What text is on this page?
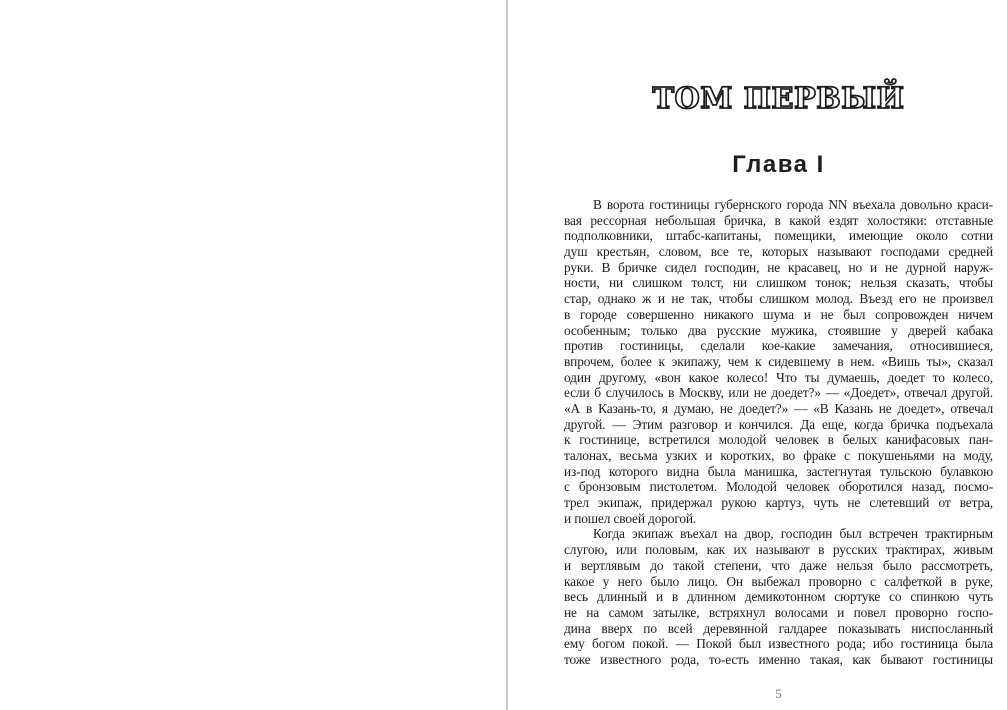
ТОМ ПЕРВЫЙ
Глава I
В ворота гостиницы губернского города NN въехала довольно краси-
вая рессорная небольшая бричка, в какой ездят холостяки: отставные
подполковники, штабс-капитаны, помещики, имеющие около сотни
душ крестьян, словом, все те, которых называют господами средней
руки. В бричке сидел господин, не красавец, но и не дурной наруж-
ности, ни слишком толст, ни слишком тонок; нельзя сказать, чтобы
стар, однако ж и не так, чтобы слишком молод. Въезд его не произвел
в городе совершенно никакого шума и не был сопровожден ничем
особенным; только два русские мужика, стоявшие у дверей кабака
против гостиницы, сделали кое-какие замечания, относившиеся,
впрочем, более к экипажу, чем к сидевшему в нем. «Вишь ты», сказал
один другому, «вон какое колесо! Что ты думаешь, доедет то колесо,
если б случилось в Москву, или не доедет?» — «Доедет», отвечал другой.
«А в Казань-то, я думаю, не доедет?» — «В Казань не доедет», отвечал
другой. — Этим разговор и кончился. Да еще, когда бричка подъехала
к гостинице, встретился молодой человек в белых канифасовых пан-
талонах, весьма узких и коротких, во фраке с покушеньями на моду,
из-под которого видна была манишка, застегнутая тульскою булавкою
с бронзовым пистолетом. Молодой человек оборотился назад, посмо-
трел экипаж, придержал рукою картуз, чуть не слетевший от ветра,
и пошел своей дорогой.
Когда экипаж въехал на двор, господин был встречен трактирным
слугою, или половым, как их называют в русских трактирах, живым
и вертлявым до такой степени, что даже нельзя было рассмотреть,
какое у него было лицо. Он выбежал проворно с салфеткой в руке,
весь длинный и в длинном демикотонном сюртуке со спинкою чуть
не на самом затылке, встряхнул волосами и повел проворно госпо-
дина вверх по всей деревянной галдарее показывать ниспосланный
ему богом покой. — Покой был известного рода; ибо гостиница была
тоже известного рода, то-есть именно такая, как бывают гостиницы
5
